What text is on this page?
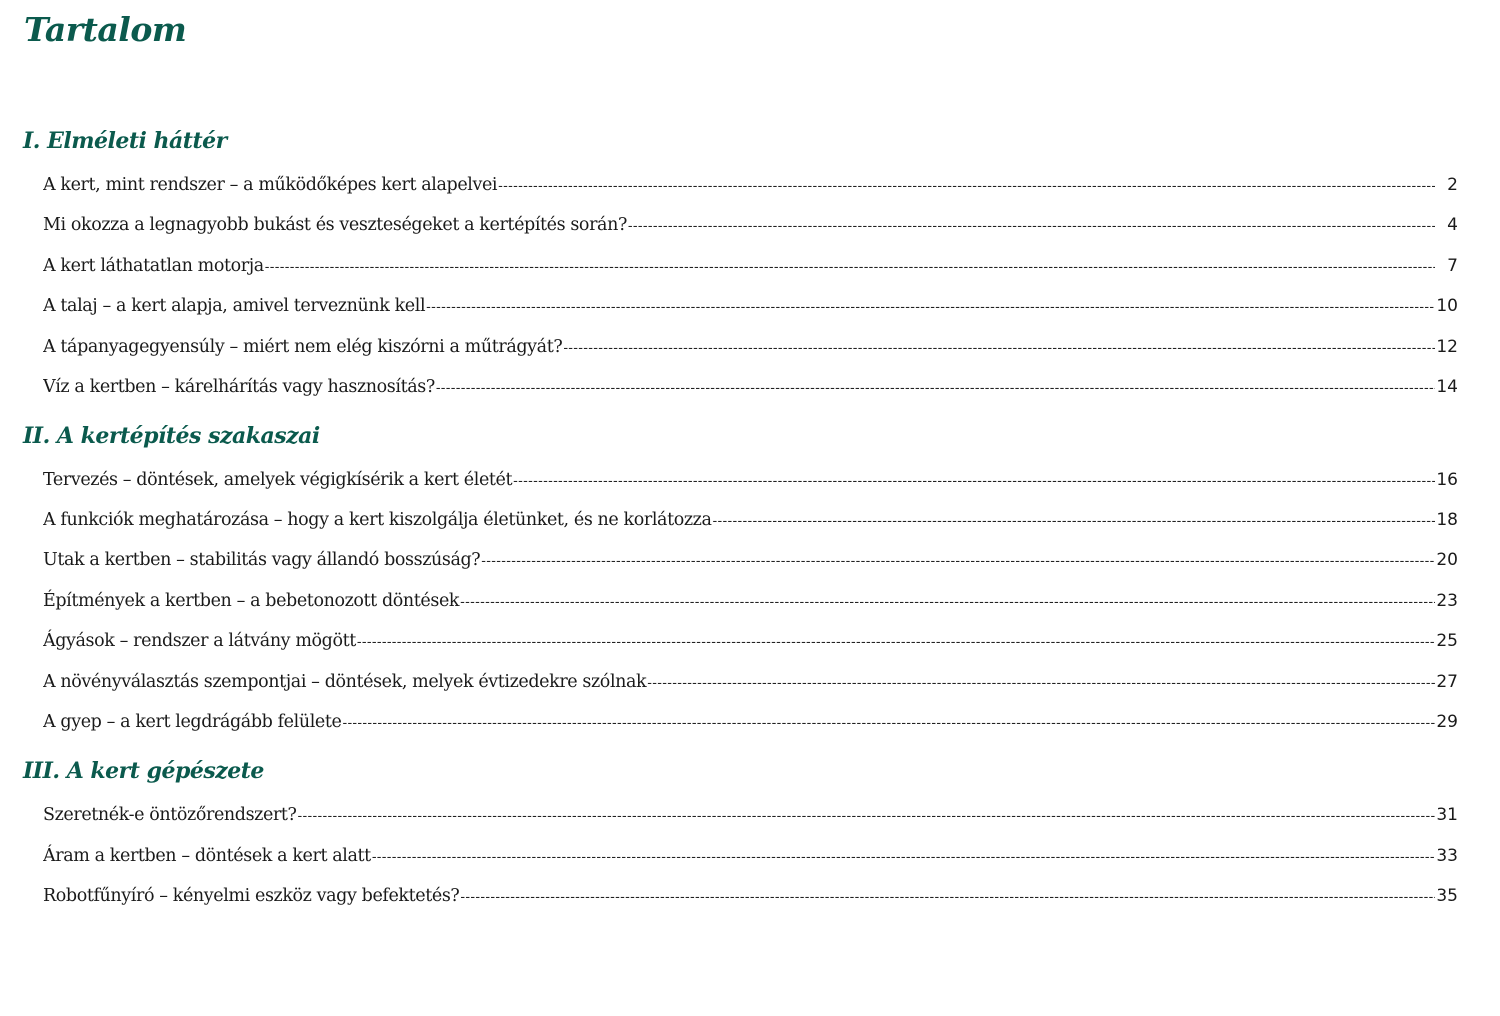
Tartalom
I. Elméleti háttér
A kert, mint rendszer – a működőképes kert alapelvei -----	2
Mi okozza a legnagyobb bukást és veszteségeket a kertépítés során? -----	4
A kert láthatatlan motorja -----	7
A talaj – a kert alapja, amivel terveznünk kell -----	10
A tápanyagegyensúly – miért nem elég kiszórni a műtrágyát? -----	12
Víz a kertben – kárelhárítás vagy hasznosítás? -----	14
II. A kertépítés szakaszai
Tervezés – döntések, amelyek végigkísérik a kert életét -----	16
A funkciók meghatározása – hogy a kert kiszolgálja életünket, és ne korlátozza -----	18
Utak a kertben – stabilitás vagy állandó bosszúság? -----	20
Építmények a kertben – a bebetonozott döntések -----	23
Ágyások – rendszer a látvány mögött -----	25
A növényválasztás szempontjai – döntések, melyek évtizedekre szólnak -----	27
A gyep – a kert legdrágább felülete -----	29
III. A kert gépészete
Szeretnék-e öntözőrendszert? -----	31
Áram a kertben – döntések a kert alatt -----	33
Robotfűnyíró – kényelmi eszköz vagy befektetés? -----	35
